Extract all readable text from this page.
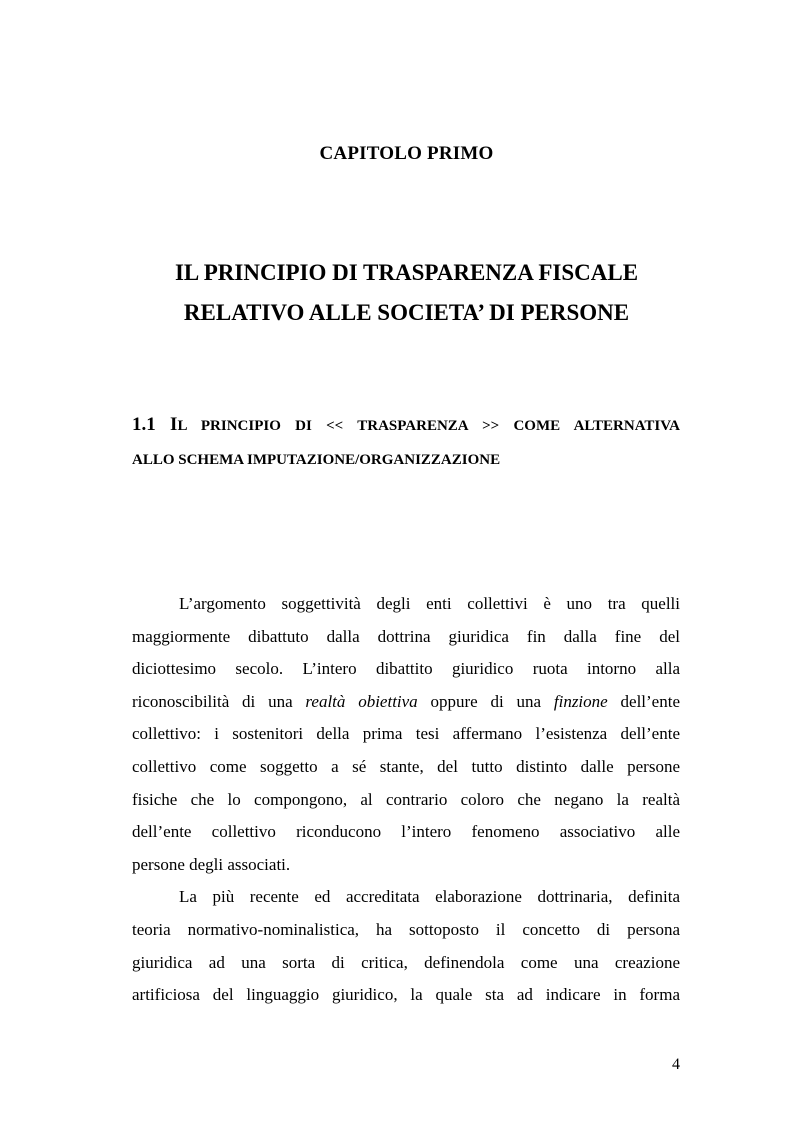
CAPITOLO PRIMO
IL PRINCIPIO DI TRASPARENZA FISCALE
RELATIVO ALLE SOCIETA’ DI PERSONE
1.1 IL PRINCIPIO DI << TRASPARENZA >> COME ALTERNATIVA
ALLO SCHEMA IMPUTAZIONE/ORGANIZZAZIONE
L’argomento soggettività degli enti collettivi è uno tra quelli
maggiormente dibattuto dalla dottrina giuridica fin dalla fine del
diciottesimo secolo. L’intero dibattito giuridico ruota intorno alla
riconoscibilità di una realtà obiettiva oppure di una finzione dell’ente
collettivo: i sostenitori della prima tesi affermano l’esistenza dell’ente
collettivo come soggetto a sé stante, del tutto distinto dalle persone
fisiche che lo compongono, al contrario coloro che negano la realtà
dell’ente collettivo riconducono l’intero fenomeno associativo alle
persone degli associati.
La più recente ed accreditata elaborazione dottrinaria, definita
teoria normativo-nominalistica, ha sottoposto il concetto di persona
giuridica ad una sorta di critica, definendola come una creazione
artificiosa del linguaggio giuridico, la quale sta ad indicare in forma
4
